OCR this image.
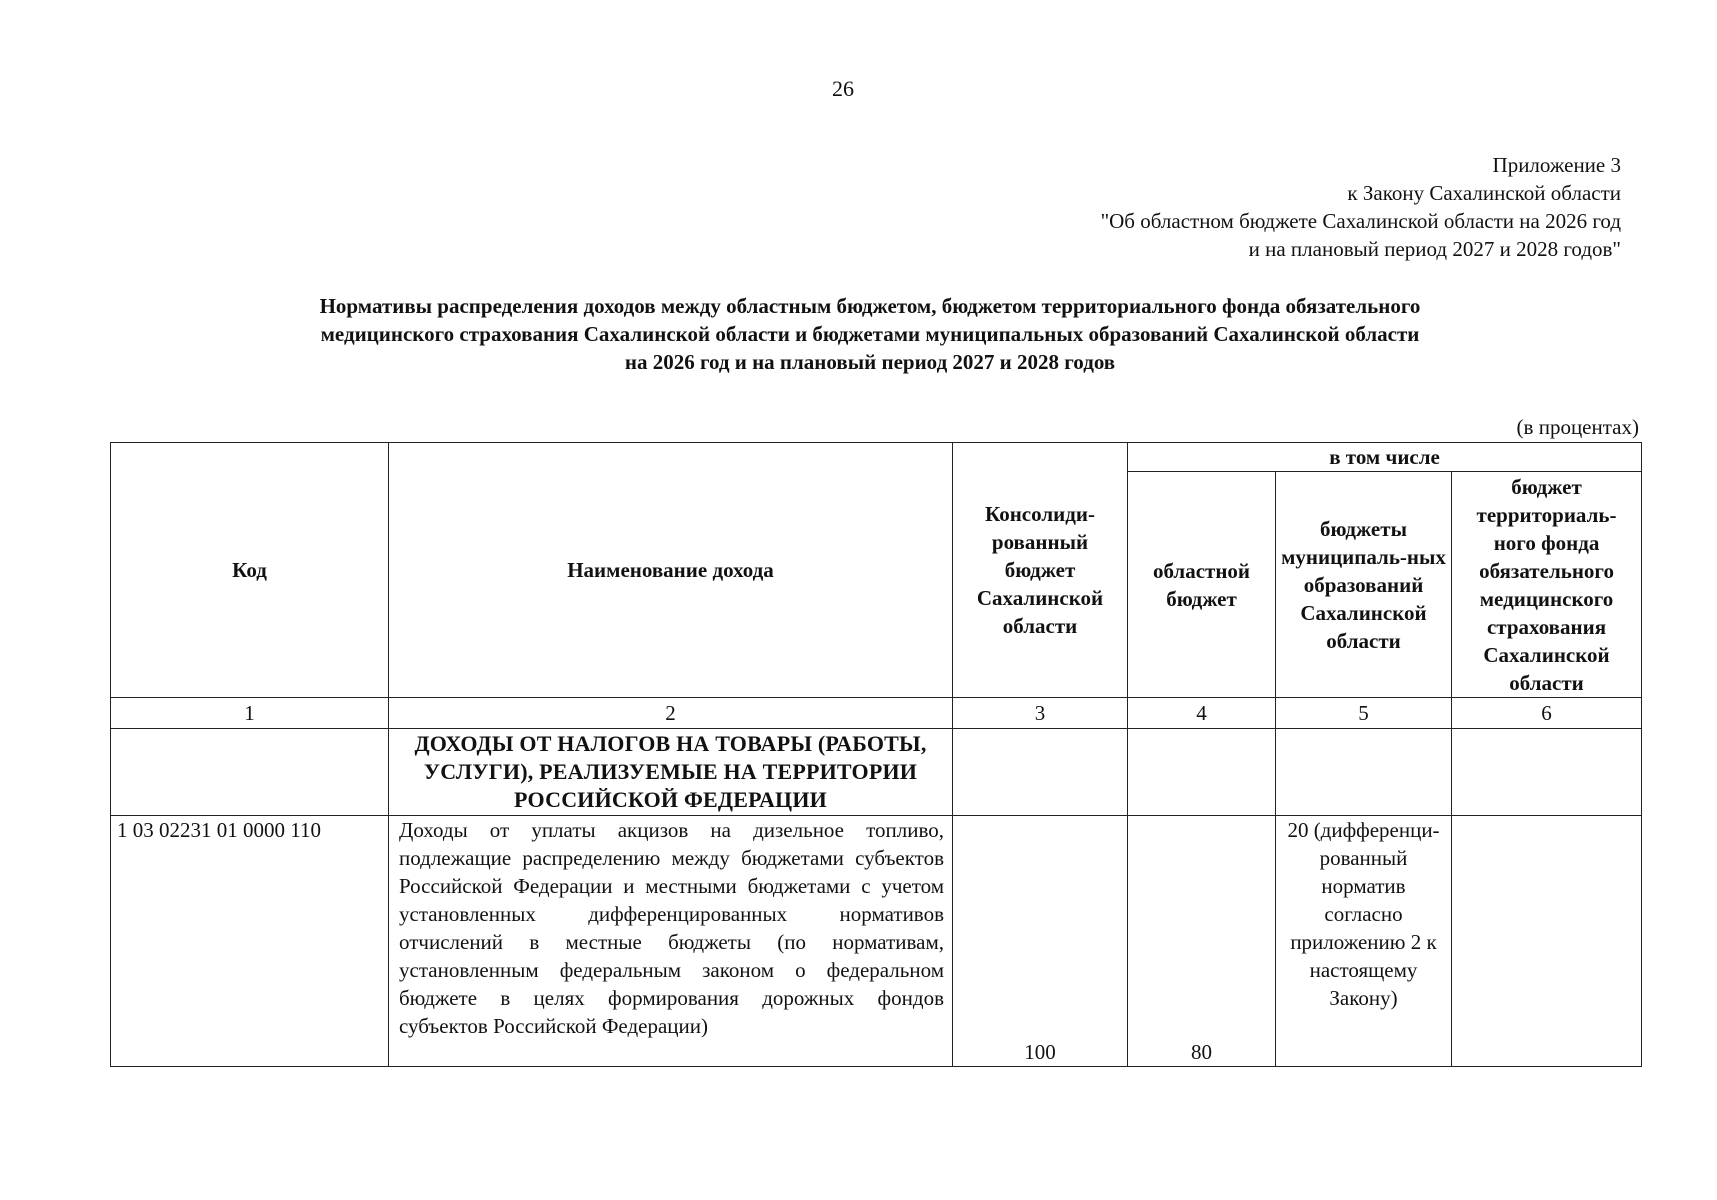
26
Приложение 3
к Закону Сахалинской области
"Об областном бюджете Сахалинской области на 2026 год
и на плановый период 2027 и 2028 годов"
Нормативы распределения доходов между областным бюджетом, бюджетом территориального фонда обязательного
медицинского страхования Сахалинской области и бюджетами муниципальных образований Сахалинской области
на 2026 год и на плановый период 2027 и 2028 годов
(в процентах)
Код	Наименование дохода	Консолиди-рованный бюджет Сахалинской области	в том числе		
			областной бюджет	бюджеты муниципаль-ных образований Сахалинской области	бюджет территориаль-ного фонда обязательного медицинского страхования Сахалинской области
1	2	3	4	5	6
	ДОХОДЫ ОТ НАЛОГОВ НА ТОВАРЫ (РАБОТЫ, УСЛУГИ), РЕАЛИЗУЕМЫЕ НА ТЕРРИТОРИИ РОССИЙСКОЙ ФЕДЕРАЦИИ				
1 03 02231 01 0000 110	Доходы от уплаты акцизов на дизельное топливо, подлежащие распределению между бюджетами субъектов Российской Федерации и местными бюджетами с учетом установленных дифференцированных нормативов отчислений в местные бюджеты (по нормативам, установленным федеральным законом о федеральном бюджете в целях формирования дорожных фондов субъектов Российской Федерации)	100	80	20 (дифференци-рованный норматив согласно приложению 2 к настоящему Закону)	
